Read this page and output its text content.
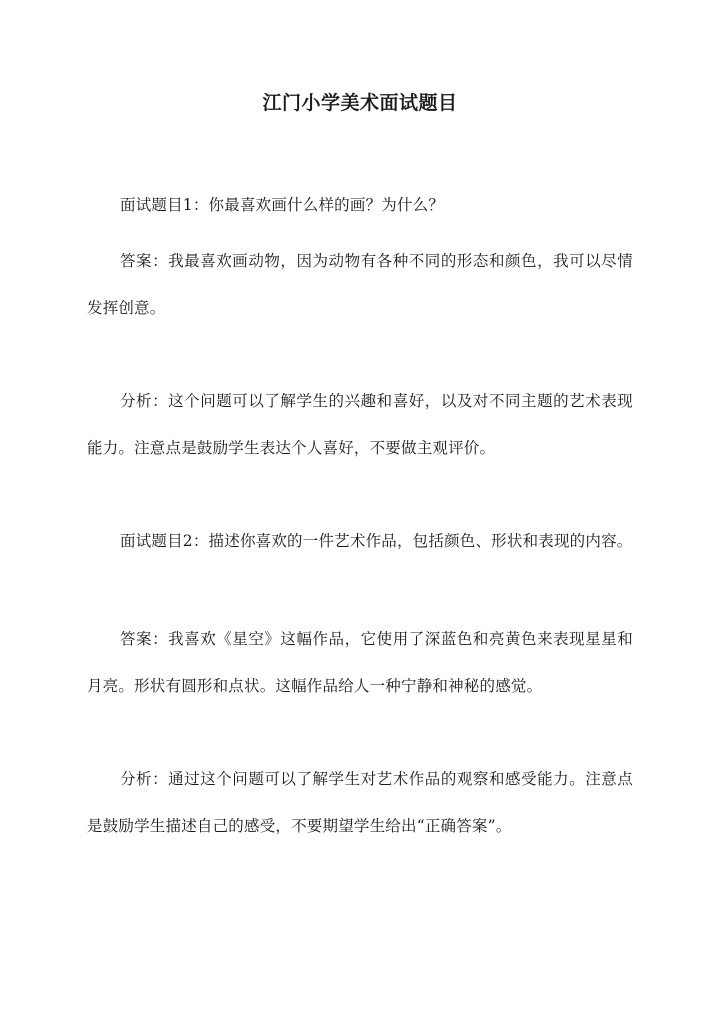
江门小学美术面试题目

面试题目1：你最喜欢画什么样的画？为什么？

答案：我最喜欢画动物，因为动物有各种不同的形态和颜色，我可以尽情发挥创意。

分析：这个问题可以了解学生的兴趣和喜好，以及对不同主题的艺术表现能力。注意点是鼓励学生表达个人喜好，不要做主观评价。

面试题目2：描述你喜欢的一件艺术作品，包括颜色、形状和表现的内容。

答案：我喜欢《星空》这幅作品，它使用了深蓝色和亮黄色来表现星星和月亮。形状有圆形和点状。这幅作品给人一种宁静和神秘的感觉。

分析：通过这个问题可以了解学生对艺术作品的观察和感受能力。注意点是鼓励学生描述自己的感受，不要期望学生给出“正确答案”。
